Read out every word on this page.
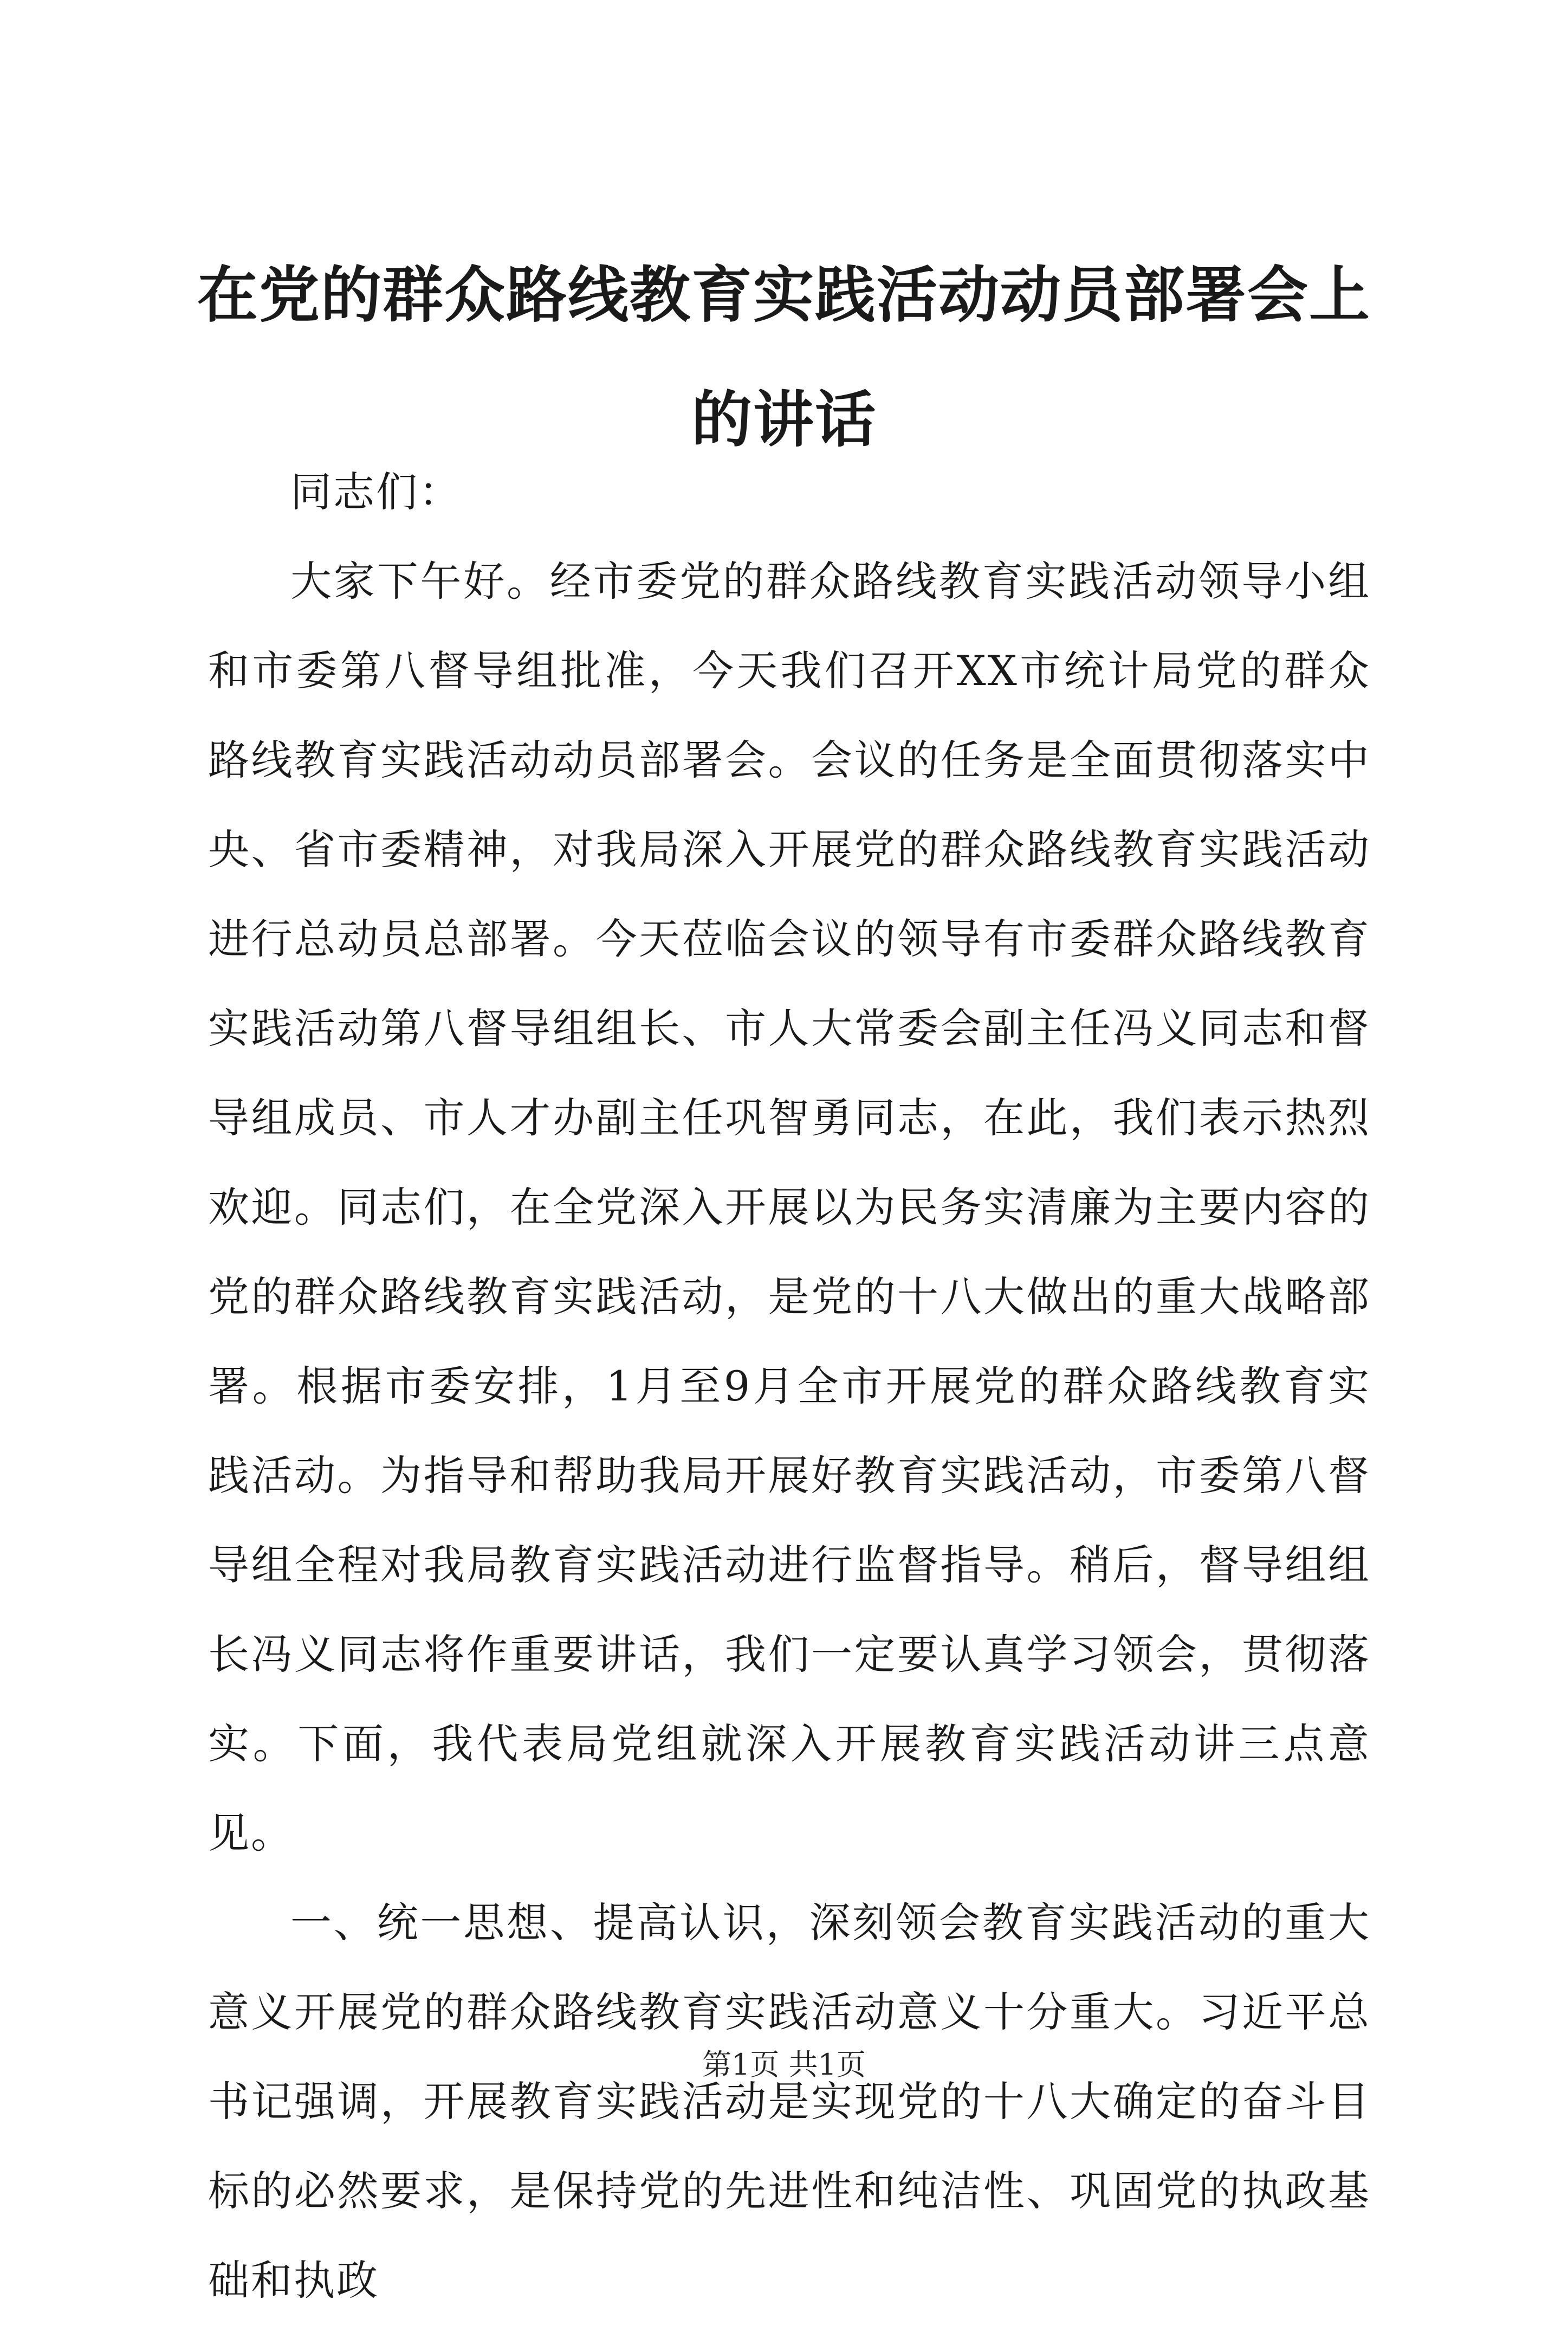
在党的群众路线教育实践活动动员部署会上的讲话

同志们：

大家下午好。经市委党的群众路线教育实践活动领导小组和市委第八督导组批准，今天我们召开XX市统计局党的群众路线教育实践活动动员部署会。会议的任务是全面贯彻落实中央、省市委精神，对我局深入开展党的群众路线教育实践活动进行总动员总部署。今天莅临会议的领导有市委群众路线教育实践活动第八督导组组长、市人大常委会副主任冯义同志和督导组成员、市人才办副主任巩智勇同志，在此，我们表示热烈欢迎。同志们，在全党深入开展以为民务实清廉为主要内容的党的群众路线教育实践活动，是党的十八大做出的重大战略部署。根据市委安排，1月至9月全市开展党的群众路线教育实践活动。为指导和帮助我局开展好教育实践活动，市委第八督导组全程对我局教育实践活动进行监督指导。稍后，督导组组长冯义同志将作重要讲话，我们一定要认真学习领会，贯彻落实。下面，我代表局党组就深入开展教育实践活动讲三点意见。

一、统一思想、提高认识，深刻领会教育实践活动的重大意义开展党的群众路线教育实践活动意义十分重大。习近平总书记强调，开展教育实践活动是实现党的十八大确定的奋斗目标的必然要求，是保持党的先进性和纯洁性、巩固党的执政基础和执政

第1页 共1页
